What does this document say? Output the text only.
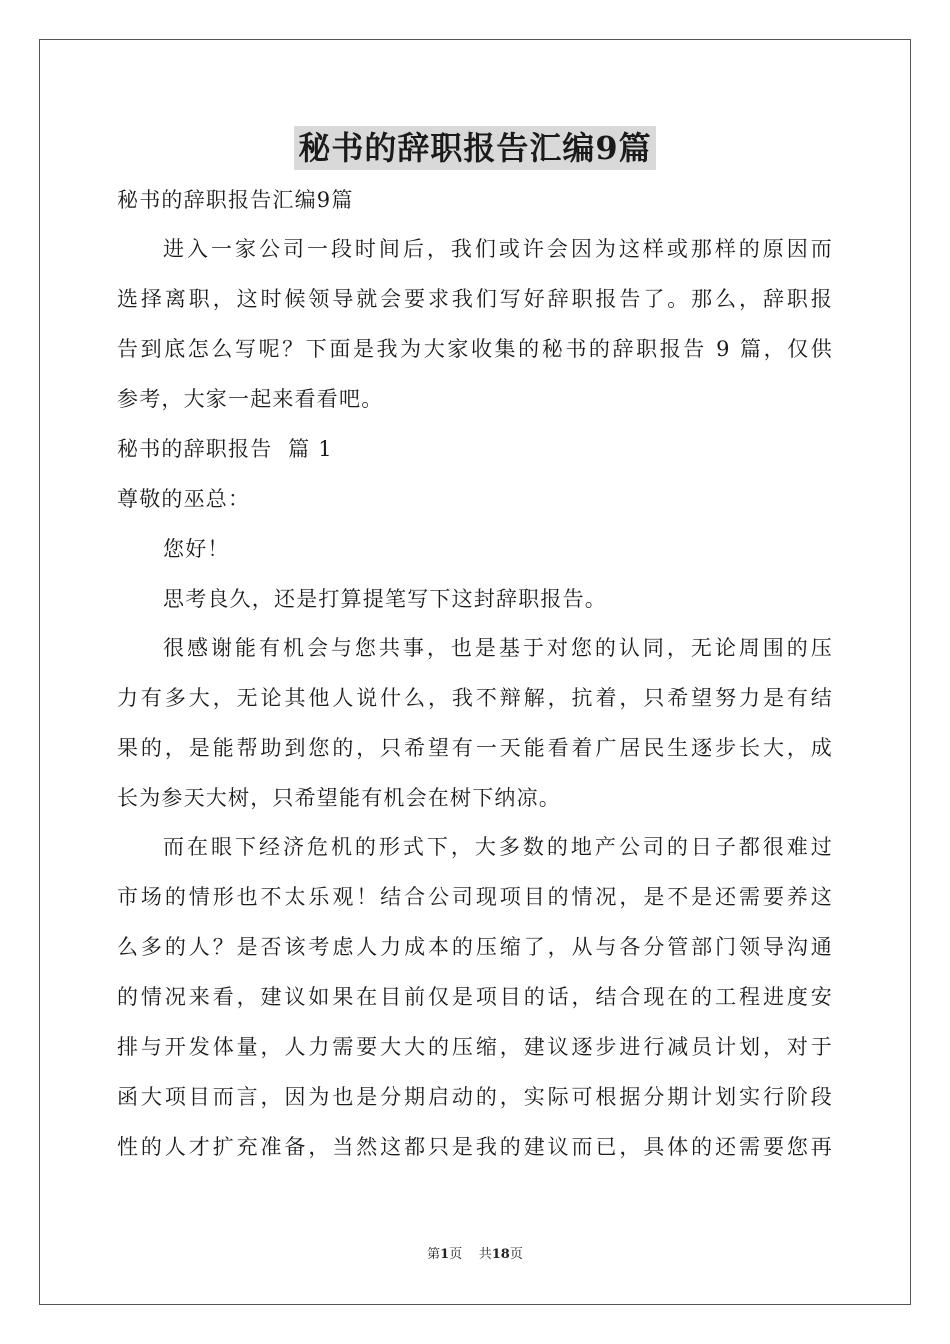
秘书的辞职报告汇编9篇
秘书的辞职报告汇编9篇
进入一家公司一段时间后，我们或许会因为这样或那样的原因而
选择离职，这时候领导就会要求我们写好辞职报告了。那么，辞职报
告到底怎么写呢？下面是我为大家收集的秘书的辞职报告 9 篇，仅供
参考，大家一起来看看吧。
秘书的辞职报告  篇 1
尊敬的巫总：
您好！
思考良久，还是打算提笔写下这封辞职报告。
很感谢能有机会与您共事，也是基于对您的认同，无论周围的压
力有多大，无论其他人说什么，我不辩解，抗着，只希望努力是有结
果的，是能帮助到您的，只希望有一天能看着广居民生逐步长大，成
长为参天大树，只希望能有机会在树下纳凉。
而在眼下经济危机的形式下，大多数的地产公司的日子都很难过
市场的情形也不太乐观！结合公司现项目的情况，是不是还需要养这
么多的人？是否该考虑人力成本的压缩了，从与各分管部门领导沟通
的情况来看，建议如果在目前仅是项目的话，结合现在的工程进度安
排与开发体量，人力需要大大的压缩，建议逐步进行减员计划，对于
函大项目而言，因为也是分期启动的，实际可根据分期计划实行阶段
性的人才扩充准备，当然这都只是我的建议而已，具体的还需要您再
第1页 共18页
